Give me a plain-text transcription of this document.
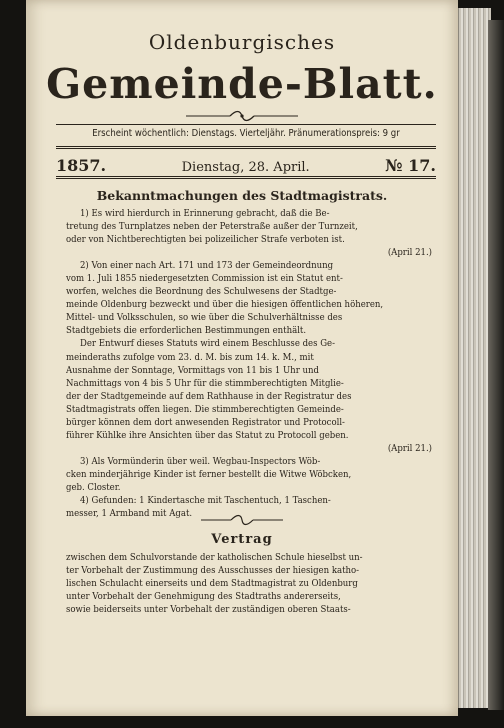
Oldenburgisches
Gemeinde-Blatt.
Erscheint wöchentlich: Dienstags. Vierteljähr. Pränumerationspreis: 9 gr
1857.	Dienstag, 28. April.	№ 17.
Bekanntmachungen des Stadtmagistrats.
1) Es wird hierdurch in Erinnerung gebracht, daß die Be-
tretung des Turnplatzes neben der Peterstraße außer der Turnzeit,
oder von Nichtberechtigten bei polizeilicher Strafe verboten ist.
(April 21.)
2) Von einer nach Art. 171 und 173 der Gemeindeordnung
vom 1. Juli 1855 niedergesetzten Commission ist ein Statut ent-
worfen, welches die Beordnung des Schulwesens der Stadtge-
meinde Oldenburg bezweckt und über die hiesigen öffentlichen höheren,
Mittel- und Volksschulen, so wie über die Schulverhältnisse des
Stadtgebiets die erforderlichen Bestimmungen enthält.
Der Entwurf dieses Statuts wird einem Beschlusse des Ge-
meinderaths zufolge vom 23. d. M. bis zum 14. k. M., mit
Ausnahme der Sonntage, Vormittags von 11 bis 1 Uhr und
Nachmittags von 4 bis 5 Uhr für die stimmberechtigten Mitglie-
der der Stadtgemeinde auf dem Rathhause in der Registratur des
Stadtmagistrats offen liegen. Die stimmberechtigten Gemeinde-
bürger können dem dort anwesenden Registrator und Protocoll-
führer Kühlke ihre Ansichten über das Statut zu Protocoll geben.
(April 21.)
3) Als Vormünderin über weil. Wegbau-Inspectors Wöb-
cken minderjährige Kinder ist ferner bestellt die Witwe Wöbcken,
geb. Closter.
4) Gefunden: 1 Kindertasche mit Taschentuch, 1 Taschen-
messer, 1 Armband mit Agat.
Vertrag
zwischen dem Schulvorstande der katholischen Schule hieselbst un-
ter Vorbehalt der Zustimmung des Ausschusses der hiesigen katho-
lischen Schulacht einerseits und dem Stadtmagistrat zu Oldenburg
unter Vorbehalt der Genehmigung des Stadtraths andererseits,
sowie beiderseits unter Vorbehalt der zuständigen oberen Staats-
